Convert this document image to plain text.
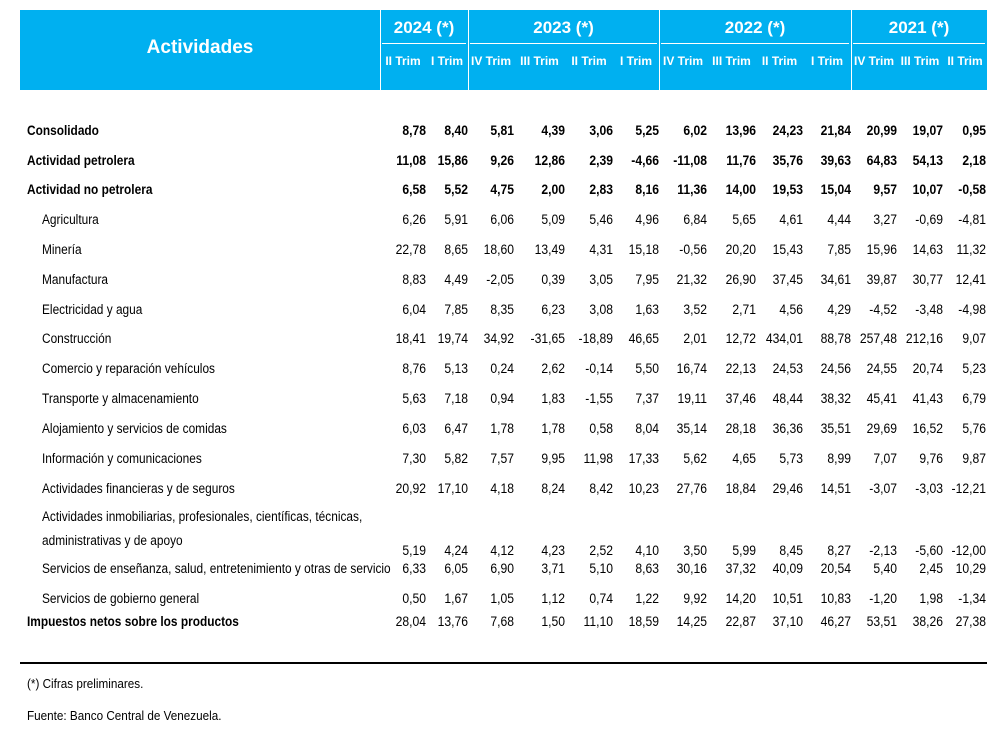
Actividades
2024 (*)	2023 (*)	2022 (*)	2021 (*)
II Trim I Trim IV Trim III Trim	II Trim	I Trim IV Trim III Trim II Trim	I Trim IV Trim III Trim II Trim
Consolidado	8,78	8,40	5,81	4,39	3,06	5,25	6,02	13,96	24,23	21,84	20,99	19,07	0,95
Actividad petrolera	11,08 15,86	9,26	12,86	2,39	-4,66	-11,08	11,76	35,76	39,63	64,83	54,13	2,18
Actividad no petrolera	6,58	5,52	4,75	2,00	2,83	8,16	11,36	14,00	19,53	15,04	9,57	10,07	-0,58
Agricultura	6,26	5,91	6,06	5,09	5,46	4,96	6,84	5,65	4,61	4,44	3,27	-0,69	-4,81
Minería	22,78	8,65	18,60	13,49	4,31	15,18	-0,56	20,20	15,43	7,85	15,96	14,63 11,32
Manufactura	8,83	4,49	-2,05	0,39	3,05	7,95	21,32	26,90	37,45	34,61	39,87	30,77 12,41
Electricidad y agua	6,04	7,85	8,35	6,23	3,08	1,63	3,52	2,71	4,56	4,29	-4,52	-3,48	-4,98
Construcción	18,41 19,74	34,92	-31,65	-18,89	46,65	2,01	12,72 434,01	88,78 257,48 212,16	9,07
Comercio y reparación vehículos	8,76	5,13	0,24	2,62	-0,14	5,50	16,74	22,13	24,53	24,56	24,55	20,74	5,23
Transporte y almacenamiento	5,63	7,18	0,94	1,83	-1,55	7,37	19,11	37,46	48,44	38,32	45,41	41,43	6,79
Alojamiento y servicios de comidas	6,03	6,47	1,78	1,78	0,58	8,04	35,14	28,18	36,36	35,51	29,69	16,52	5,76
Información y comunicaciones	7,30	5,82	7,57	9,95	11,98	17,33	5,62	4,65	5,73	8,99	7,07	9,76	9,87
Actividades financieras y de seguros	20,92 17,10	4,18	8,24	8,42	10,23	27,76	18,84	29,46	14,51	-3,07	-3,03 -12,21
Actividades inmobiliarias, profesionales, científicas, técnicas,
administrativas y de apoyo
5,19	4,24	4,12	4,23	2,52	4,10	3,50	5,99	8,45	8,27	-2,13	-5,60 -12,00
Servicios de enseñanza, salud, entretenimiento y otras de servicio 6,33	6,05	6,90	3,71	5,10	8,63	30,16	37,32	40,09	20,54	5,40	2,45 10,29
Servicios de gobierno general	0,50	1,67	1,05	1,12	0,74	1,22	9,92	14,20	10,51	10,83	-1,20	1,98	-1,34
Impuestos netos sobre los productos	28,04 13,76	7,68	1,50	11,10	18,59	14,25	22,87	37,10	46,27	53,51	38,26 27,38
(*) Cifras preliminares.
Fuente: Banco Central de Venezuela.
